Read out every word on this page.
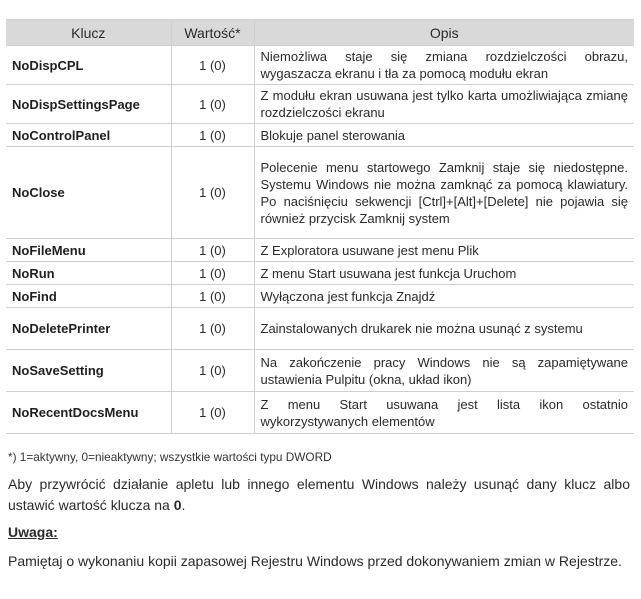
Klucz	Wartość*	Opis
NoDispCPL	1 (0)	Niemożliwa staje się zmiana rozdzielczości obrazu, wygaszacza ekranu i tła za pomocą modułu ekran
NoDispSettingsPage	1 (0)	Z modułu ekran usuwana jest tylko karta umożliwiająca zmianę rozdzielczości ekranu
NoControlPanel	1 (0)	Blokuje panel sterowania
NoClose	1 (0)	Polecenie menu startowego Zamknij staje się niedostępne. Systemu Windows nie można zamknąć za pomocą klawiatury. Po naciśnięciu sekwencji [Ctrl]+[Alt]+[Delete] nie pojawia się również przycisk Zamknij system
NoFileMenu	1 (0)	Z Exploratora usuwane jest menu Plik
NoRun	1 (0)	Z menu Start usuwana jest funkcja Uruchom
NoFind	1 (0)	Wyłączona jest funkcja Znajdź
NoDeletePrinter	1 (0)	Zainstalowanych drukarek nie można usunąć z systemu
NoSaveSetting	1 (0)	Na zakończenie pracy Windows nie są zapamiętywane ustawienia Pulpitu (okna, układ ikon)
NoRecentDocsMenu	1 (0)	Z menu Start usuwana jest lista ikon ostatnio wykorzystywanych elementów
*) 1=aktywny, 0=nieaktywny; wszystkie wartości typu DWORD
Aby przywrócić działanie apletu lub innego elementu Windows należy usunąć dany klucz albo ustawić wartość klucza na 0.
Uwaga:
Pamiętaj o wykonaniu kopii zapasowej Rejestru Windows przed dokonywaniem zmian w Rejestrze.
